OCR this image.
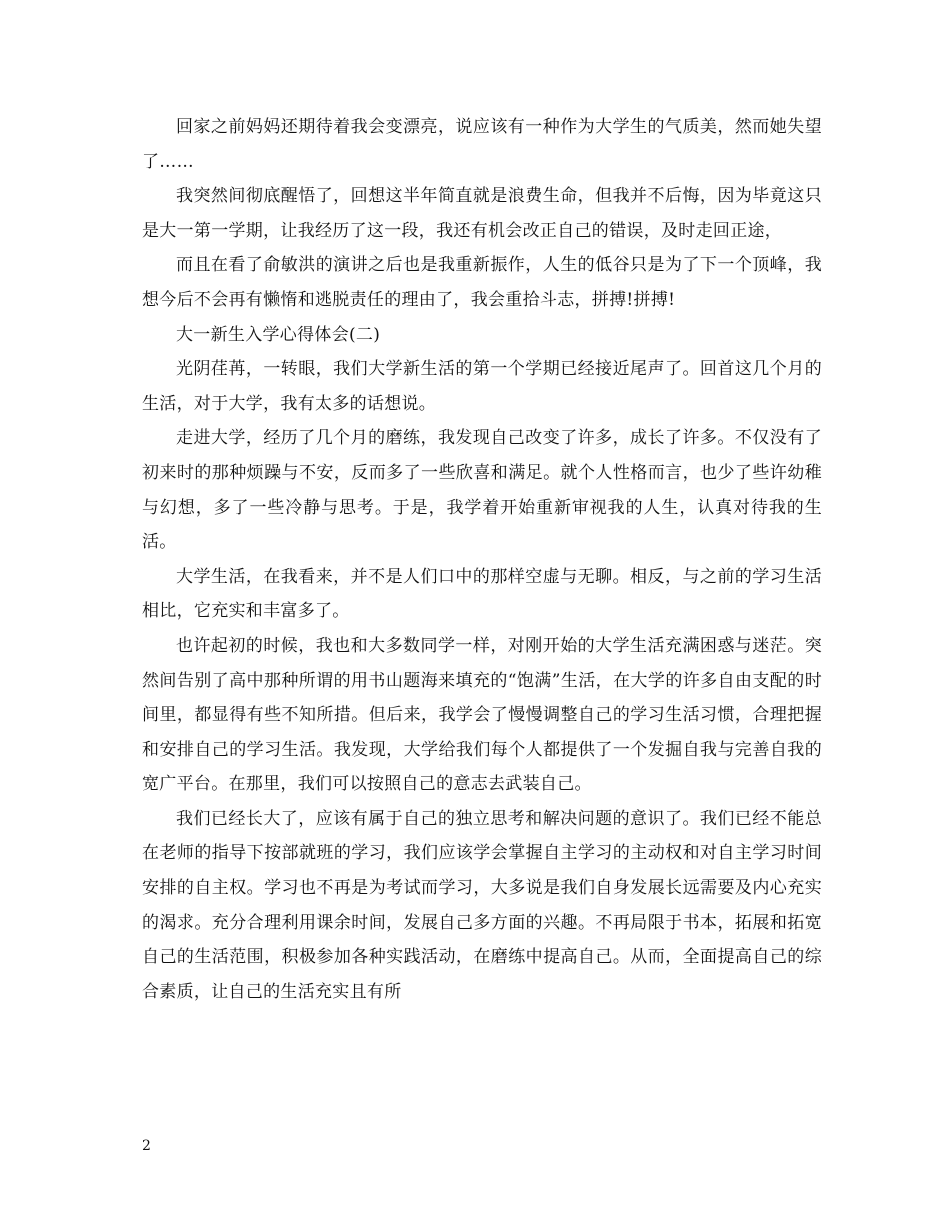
回家之前妈妈还期待着我会变漂亮，说应该有一种作为大学生的气质美，然而她失望了……

我突然间彻底醒悟了，回想这半年简直就是浪费生命，但我并不后悔，因为毕竟这只是大一第一学期，让我经历了这一段，我还有机会改正自己的错误，及时走回正途，

而且在看了俞敏洪的演讲之后也是我重新振作，人生的低谷只是为了下一个顶峰，我想今后不会再有懒惰和逃脱责任的理由了，我会重拾斗志，拼搏!拼搏!

大一新生入学心得体会(二)

光阴荏苒，一转眼，我们大学新生活的第一个学期已经接近尾声了。回首这几个月的生活，对于大学，我有太多的话想说。

走进大学，经历了几个月的磨练，我发现自己改变了许多，成长了许多。不仅没有了初来时的那种烦躁与不安，反而多了一些欣喜和满足。就个人性格而言，也少了些许幼稚与幻想，多了一些冷静与思考。于是，我学着开始重新审视我的人生，认真对待我的生活。

大学生活，在我看来，并不是人们口中的那样空虚与无聊。相反，与之前的学习生活相比，它充实和丰富多了。

也许起初的时候，我也和大多数同学一样，对刚开始的大学生活充满困惑与迷茫。突然间告别了高中那种所谓的用书山题海来填充的“饱满”生活，在大学的许多自由支配的时间里，都显得有些不知所措。但后来，我学会了慢慢调整自己的学习生活习惯，合理把握和安排自己的学习生活。我发现，大学给我们每个人都提供了一个发掘自我与完善自我的宽广平台。在那里，我们可以按照自己的意志去武装自己。

我们已经长大了，应该有属于自己的独立思考和解决问题的意识了。我们已经不能总在老师的指导下按部就班的学习，我们应该学会掌握自主学习的主动权和对自主学习时间安排的自主权。学习也不再是为考试而学习，大多说是我们自身发展长远需要及内心充实的渴求。充分合理利用课余时间，发展自己多方面的兴趣。不再局限于书本，拓展和拓宽自己的生活范围，积极参加各种实践活动，在磨练中提高自己。从而，全面提高自己的综合素质，让自己的生活充实且有所

2
